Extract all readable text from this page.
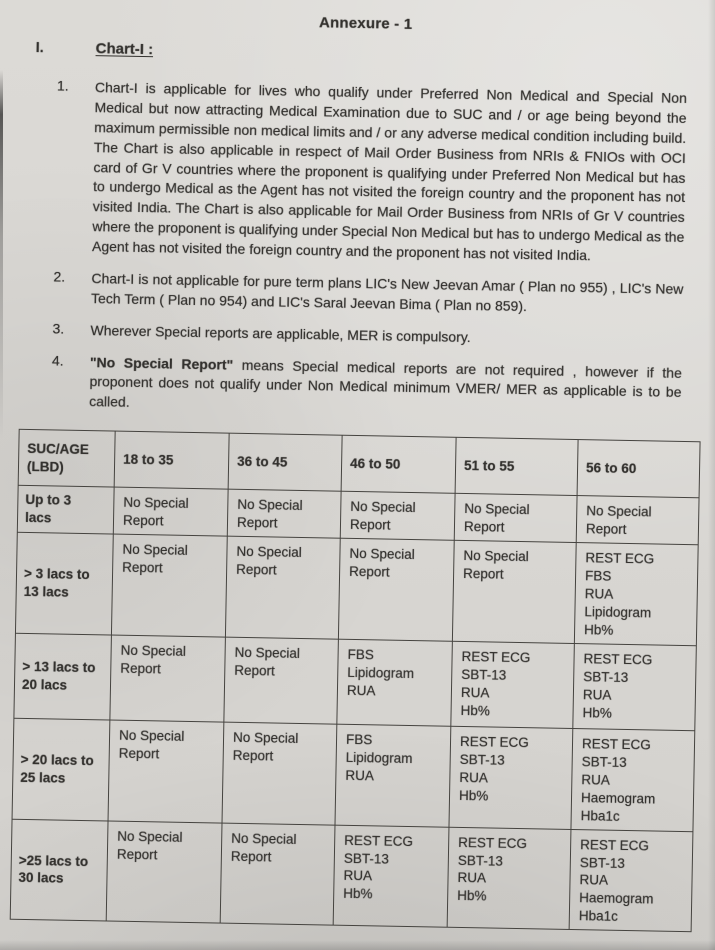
Annexure - 1
I.	Chart-I :
1.	Chart-I is applicable for lives who qualify under Preferred Non Medical and Special Non Medical but now attracting Medical Examination due to SUC and / or age being beyond the maximum permissible non medical limits and / or any adverse medical condition including build. The Chart is also applicable in respect of Mail Order Business from NRIs & FNIOs with OCI card of Gr V countries where the proponent is qualifying under Preferred Non Medical but has to undergo Medical as the Agent has not visited the foreign country and the proponent has not visited India. The Chart is also applicable for Mail Order Business from NRIs of Gr V countries where the proponent is qualifying under Special Non Medical but has to undergo Medical as the Agent has not visited the foreign country and the proponent has not visited India.

2.	Chart-I is not applicable for pure term plans LIC's New Jeevan Amar ( Plan no 955) , LIC's New Tech Term ( Plan no 954) and LIC's Saral Jeevan Bima ( Plan no 859).

3.	Wherever Special reports are applicable, MER is compulsory.

4.	"No Special Report" means Special medical reports are not required , however if the proponent does not qualify under Non Medical minimum VMER/ MER as applicable is to be called.

SUC/AGE
(LBD)	18 to 35	36 to 45	46 to 50	51 to 55	56 to 60
Up to 3
lacs	No Special
Report	No Special
Report	No Special
Report	No Special
Report	No Special
Report
> 3 lacs to
13 lacs	No Special
Report	No Special
Report	No Special
Report	No Special
Report	REST ECG
FBS
RUA
Lipidogram
Hb%
> 13 lacs to
20 lacs	No Special
Report	No Special
Report	FBS
Lipidogram
RUA	REST ECG
SBT-13
RUA
Hb%	REST ECG
SBT-13
RUA
Hb%
> 20 lacs to
25 lacs	No Special
Report	No Special
Report	FBS
Lipidogram
RUA	REST ECG
SBT-13
RUA
Hb%	REST ECG
SBT-13
RUA
Haemogram
Hba1c
>25 lacs to
30 lacs	No Special
Report	No Special
Report	REST ECG
SBT-13
RUA
Hb%	REST ECG
SBT-13
RUA
Hb%	REST ECG
SBT-13
RUA
Haemogram
Hba1c
